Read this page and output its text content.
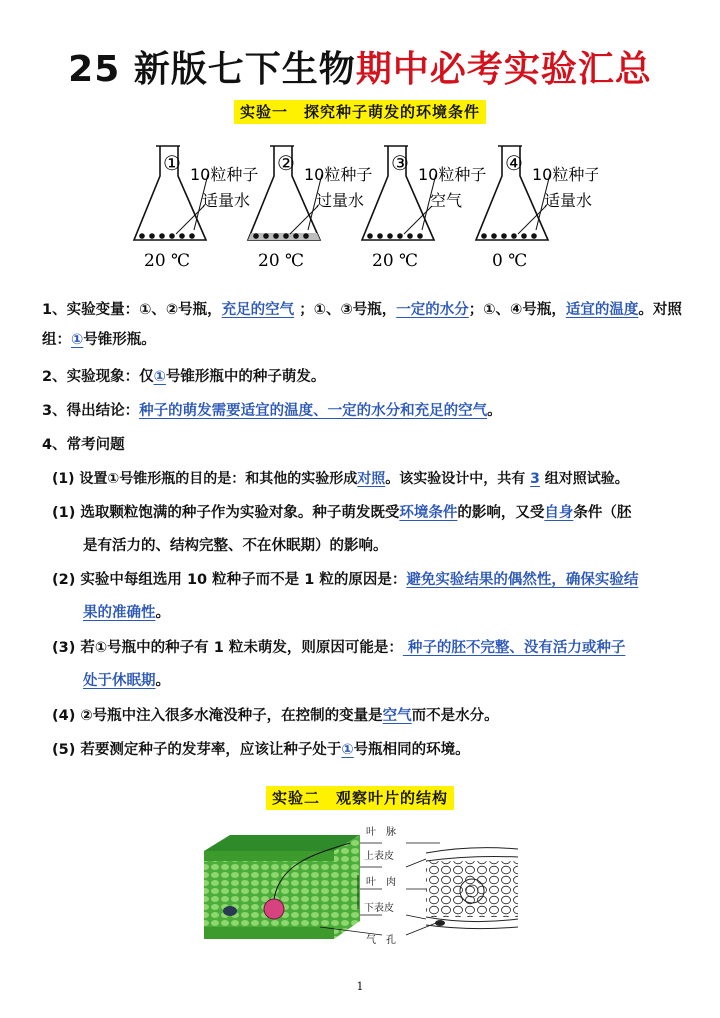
25 新版七下生物期中必考实验汇总
实验一　探究种子萌发的环境条件
① 10粒种子
适量水
20 ℃
② 10粒种子
过量水
20 ℃
③ 10粒种子
空气
20 ℃
④ 10粒种子
适量水
0 ℃
1、实验变量：①、②号瓶，充足的空气 ；①、③号瓶，一定的水分；①、④号瓶，适宜的温度。对照组：①号锥形瓶。
2、实验现象：仅①号锥形瓶中的种子萌发。
3、得出结论：种子的萌发需要适宜的温度、一定的水分和充足的空气。
4、常考问题
(1) 设置①号锥形瓶的目的是：和其他的实验形成对照。该实验设计中，共有 3 组对照试验。
(1) 选取颗粒饱满的种子作为实验对象。种子萌发既受环境条件的影响，又受自身条件（胚
是有活力的、结构完整、不在休眠期）的影响。
(2) 实验中每组选用 10 粒种子而不是 1 粒的原因是：避免实验结果的偶然性，确保实验结
果的准确性。
(3) 若①号瓶中的种子有 1 粒未萌发，则原因可能是： 种子的胚不完整、没有活力或种子
处于休眠期。
(4) ②号瓶中注入很多水淹没种子，在控制的变量是空气而不是水分。
(5) 若要测定种子的发芽率，应该让种子处于①号瓶相同的环境。
实验二　观察叶片的结构
叶　脉
上表皮
叶　肉
下表皮
气　孔
1
